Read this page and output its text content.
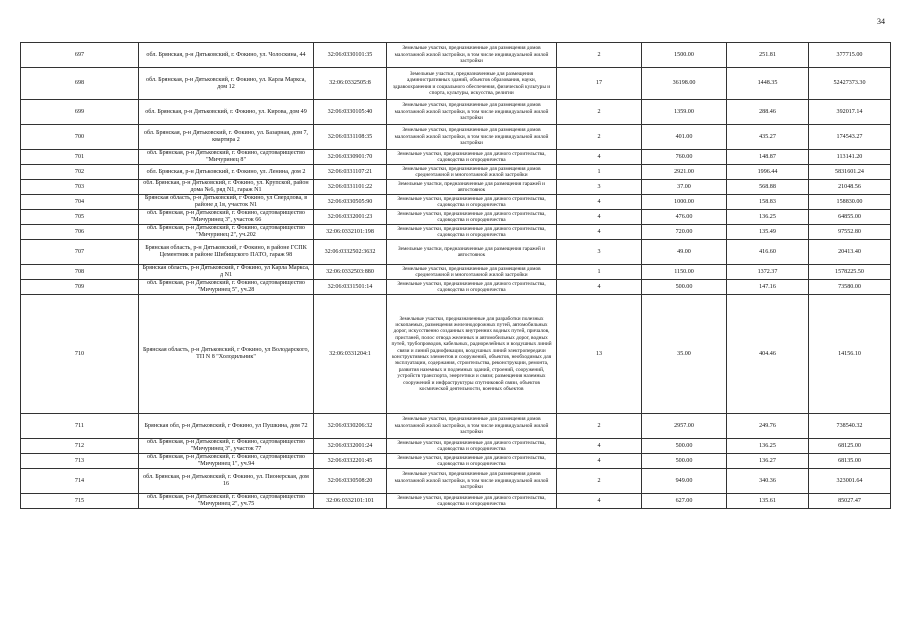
34
697	обл. Брянская, р-н Дятьковский, г. Фокино, ул. Чолоскина, 44	32:06:0330101:35	Земельные участки, предназначенные для размещения домов малоэтажной жилой застройки, в том числе индивидуальной жилой застройки	2	1500.00	251.81	377715.00
698	обл. Брянская, р-н Дятьковский, г. Фокино, ул. Карла Маркса, дом 12	32:06:0332505:8	Земельные участки, предназначенные для размещения административных зданий, объектов образования, науки, здравоохранения и социального обеспечения, физической культуры и спорта, культуры, искусства, религии	17	36198.00	1448.35	52427373.30
699	обл. Брянская, р-н Дятьковский, г. Фокино, ул. Кирова, дом 49	32:06:0330105:40	Земельные участки, предназначенные для размещения домов малоэтажной жилой застройки, в том числе индивидуальной жилой застройки	2	1359.00	288.46	392017.14
700	обл. Брянская, р-н Дятьковский, г. Фокино, ул. Базарная, дом 7, квартира 2	32:06:0331108:35	Земельные участки, предназначенные для размещения домов малоэтажной жилой застройки, в том числе индивидуальной жилой застройки	2	401.00	435.27	174543.27
701	обл. Брянская, р-н Дятьковский, г. Фокино, садтоварищество "Мичуринец 8"	32:06:0330901:70	Земельные участки, предназначенные для дачного строительства, садоводства и огородничества	4	760.00	148.87	113141.20
702	обл. Брянская, р-н Дятьковский, г. Фокино, ул. Ленина, дом 2	32:06:0331107:21	Земельные участки, предназначенные для размещения домов среднеэтажной и многоэтажной жилой застройки	1	2921.00	1996.44	5831601.24
703	обл. Брянская, р-н Дятьковский, г. Фокино, ул. Крупской, район дома №6, ряд N1, гараж N1	32:06:0331101:22	Земельные участки, предназначенные для размещения гаражей и автостоянок	3	37.00	568.88	21048.56
704	Брянская область, р-н Дятьковский, г Фокино, ул Свердлова, в районе д 1в, участок N1	32:06:0330505:90	Земельные участки, предназначенные для дачного строительства, садоводства и огородничества	4	1000.00	158.83	158830.00
705	обл. Брянская, р-н Дятьковский, г. Фокино, садтоварищество "Мичуринец 3", участок 66	32:06:0332001:23	Земельные участки, предназначенные для дачного строительства, садоводства и огородничества	4	476.00	136.25	64855.00
706	обл. Брянская, р-н Дятьковский, г. Фокино, садтоварищество "Мичуринец 2", уч.202	32:06:0332101:198	Земельные участки, предназначенные для дачного строительства, садоводства и огородничества	4	720.00	135.49	97552.80
707	Брянская область, р-н Дятьковский, г Фокино, в районе ГСПК Цементник в районе Шибищского ПАТО, гараж 98	32:06:0332502:3632	Земельные участки, предназначенные для размещения гаражей и автостоянок	3	49.00	416.60	20413.40
708	Брянская область, р-н Дятьковский, г Фокино, ул Карла Маркса, д N1	32:06:0332503:880	Земельные участки, предназначенные для размещения домов среднеэтажной и многоэтажной жилой застройки	1	1150.00	1372.37	1578225.50
709	обл. Брянская, р-н Дятьковский, г. Фокино, садтоварищество "Мичуринец 5", уч.28	32:06:0331501:14	Земельные участки, предназначенные для дачного строительства, садоводства и огородничества	4	500.00	147.16	73580.00
710	Брянская область, р-н Дятьковский, г Фокино, ул Володарского, ТП N 8 "Холодильник"	32:06:0331204:1	Земельные участки, предназначенные для разработки полезных ископаемых, размещения железнодорожных путей, автомобильных дорог, искусственно созданных внутренних водных путей, причалов, пристаней, полос отвода железных и автомобильных дорог, водных путей, трубопроводов, кабельных, радиорелейных и воздушных линий связи и линий радиофикации, воздушных линий электропередачи конструктивных элементов и сооружений, объектов, необходимых для эксплуатации, содержания, строительства, реконструкции, ремонта, развития наземных и подземных зданий, строений, сооружений, устройств транспорта, энергетики и связи; размещения наземных сооружений и инфраструктуры спутниковой связи, объектов космической деятельности, военных объектов	13	35.00	404.46	14156.10
711	Брянская обл, р-н Дятьковский, г Фокино, ул Пушкина, дом 72	32:06:0330206:32	Земельные участки, предназначенные для размещения домов малоэтажной жилой застройки, в том числе индивидуальной жилой застройки	2	2957.00	249.76	738540.32
712	обл. Брянская, р-н Дятьковский, г. Фокино, садтоварищество "Мичуринец 3", участок 77	32:06:0332001:24	Земельные участки, предназначенные для дачного строительства, садоводства и огородничества	4	500.00	136.25	68125.00
713	обл. Брянская, р-н Дятьковский, г. Фокино, садтоварищество "Мичуринец 1", уч.94	32:06:0332201:45	Земельные участки, предназначенные для дачного строительства, садоводства и огородничества	4	500.00	136.27	68135.00
714	обл. Брянская, р-н Дятьковский, г. Фокино, ул. Пионерская, дом 16	32:06:0330508:20	Земельные участки, предназначенные для размещения домов малоэтажной жилой застройки, в том числе индивидуальной жилой застройки	2	949.00	340.36	323001.64
715	обл. Брянская, р-н Дятьковский, г. Фокино, садтоварищество "Мичуринец 2", уч.75	32:06:0332101:101	Земельные участки, предназначенные для дачного строительства, садоводства и огородничества	4	627.00	135.61	85027.47
